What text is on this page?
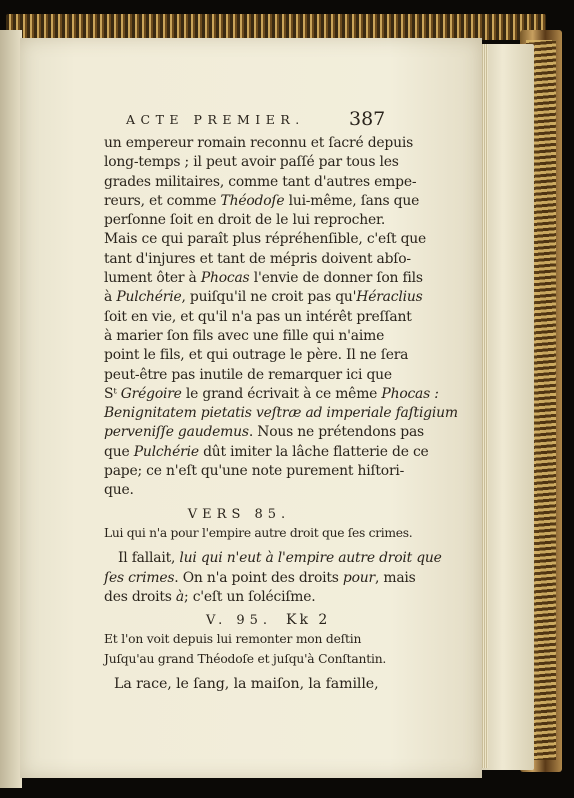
ACTE PREMIER.	387
un empereur romain reconnu et ſacré depuis
long-temps ; il peut avoir paſſé par tous les
grades militaires, comme tant d'autres empe-
reurs, et comme Théodoſe lui-même, ſans que
perſonne ſoit en droit de le lui reprocher.
Mais ce qui paraît plus répréhenſible, c'eſt que
tant d'injures et tant de mépris doivent abſo-
lument ôter à Phocas l'envie de donner ſon fils
à Pulchérie, puiſqu'il ne croit pas qu'Héraclius
ſoit en vie, et qu'il n'a pas un intérêt preſſant
à marier ſon fils avec une fille qui n'aime
point le fils, et qui outrage le père. Il ne ſera
peut-être pas inutile de remarquer ici que
Sᵗ Grégoire le grand écrivait à ce même Phocas :
Benignitatem pietatis veſtræ ad imperiale faſtigium
perveniſſe gaudemus. Nous ne prétendons pas
que Pulchérie dût imiter la lâche flatterie de ce
pape; ce n'eſt qu'une note purement hiſtori-
que.
VERS 85.
Lui qui n'a pour l'empire autre droit que ſes crimes.
Il fallait, lui qui n'eut à l'empire autre droit que
ſes crimes. On n'a point des droits pour
des droits à; c'eſt un ſoléciſme.
V. 95.
Et l'on voit depuis lui remonter mon deſtin
Juſqu'au grand Théodoſe et juſqu'à Conſtantin.
La race, le ſang, la maiſon, la famille,
Kk 2
